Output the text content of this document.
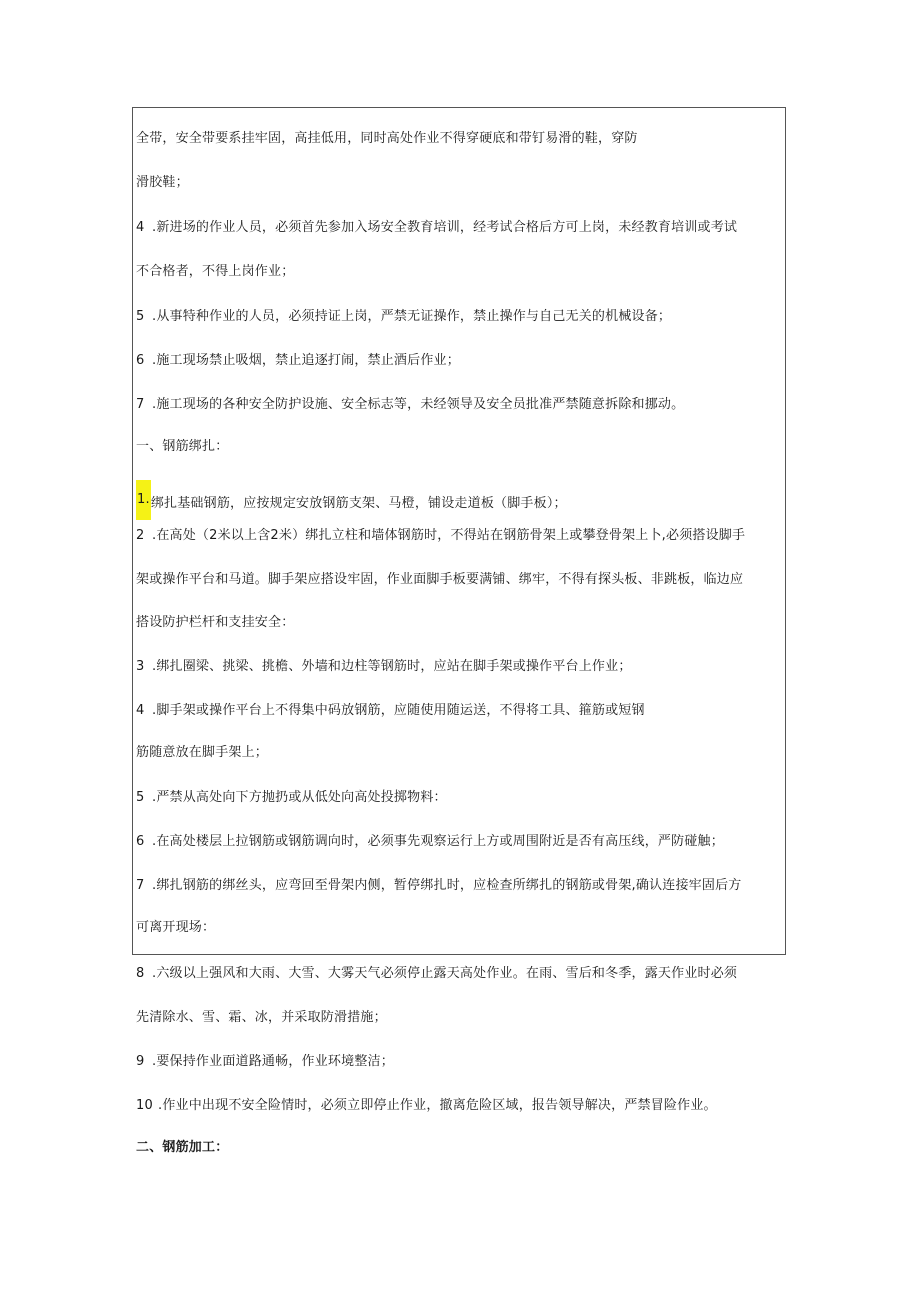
全带，安全带要系挂牢固，高挂低用，同时高处作业不得穿硬底和带钉易滑的鞋，穿防
滑胶鞋；
4 .新进场的作业人员，必须首先参加入场安全教育培训，经考试合格后方可上岗，未经教育培训或考试
不合格者，不得上岗作业；
5 .从事特种作业的人员，必须持证上岗，严禁无证操作，禁止操作与自己无关的机械设备；
6 .施工现场禁止吸烟，禁止追逐打闹，禁止酒后作业；
7 .施工现场的各种安全防护设施、安全标志等，未经领导及安全员批准严禁随意拆除和挪动。
一、钢筋绑扎：
1.绑扎基础钢筋，应按规定安放钢筋支架、马橙，铺设走道板（脚手板）；
2 .在高处（2米以上含2米）绑扎立柱和墙体钢筋时，不得站在钢筋骨架上或攀登骨架上卜,必须搭设脚手
架或操作平台和马道。脚手架应搭设牢固，作业面脚手板要满铺、绑牢，不得有探头板、非跳板，临边应
搭设防护栏杆和支挂安全：
3 .绑扎圈梁、挑梁、挑檐、外墙和边柱等钢筋时，应站在脚手架或操作平台上作业；
4 .脚手架或操作平台上不得集中码放钢筋，应随使用随运送，不得将工具、箍筋或短钢
筋随意放在脚手架上；
5 .严禁从高处向下方抛扔或从低处向高处投掷物料：
6 .在高处楼层上拉钢筋或钢筋调向时，必须事先观察运行上方或周围附近是否有高压线，严防碰触；
7 .绑扎钢筋的绑丝头，应弯回至骨架内侧，暂停绑扎时，应检查所绑扎的钢筋或骨架,确认连接牢固后方
可离开现场：
8 .六级以上强风和大雨、大雪、大雾天气必须停止露天高处作业。在雨、雪后和冬季，露天作业时必须
先清除水、雪、霜、冰，并采取防滑措施；
9 .要保持作业面道路通畅，作业环境整洁；
10 .作业中出现不安全险情时，必须立即停止作业，撤离危险区域，报告领导解决，严禁冒险作业。
二、钢筋加工：
